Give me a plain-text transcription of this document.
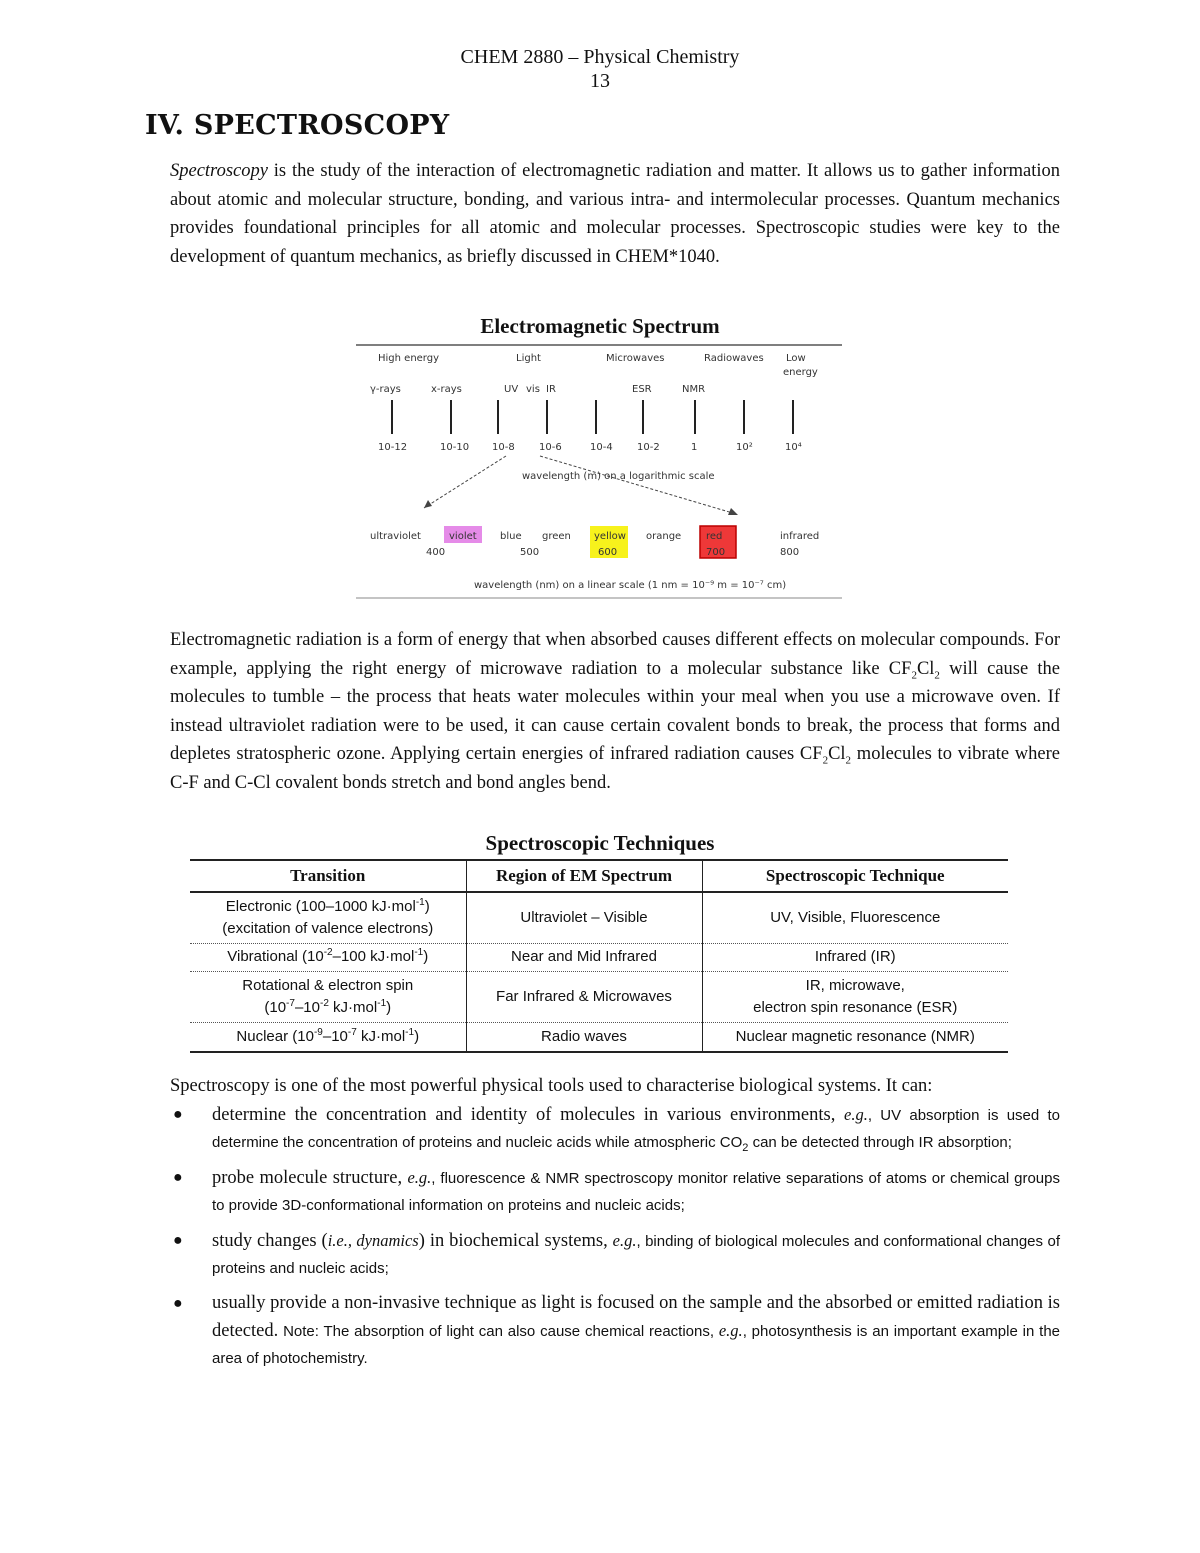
CHEM 2880 – Physical Chemistry
13
IV. SPECTROSCOPY
Spectroscopy is the study of the interaction of electromagnetic radiation and matter. It allows us to gather information about atomic and molecular structure, bonding, and various intra- and intermolecular processes. Quantum mechanics provides foundational principles for all atomic and molecular processes. Spectroscopic studies were key to the development of quantum mechanics, as briefly discussed in CHEM*1040.
Electromagnetic Spectrum
High energy	Light	Microwaves	Radiowaves Low
energy
γ-rays	x-rays	UV vis IR	ESR	NMR
10-12	10-10 10-8 10-6	10-4 10-2	1	10²	10⁴
wavelength (m) on a logarithmic scale
ultraviolet	violet blue green yellow orange red	infrared
400	500	600	700	800
wavelength (nm) on a linear scale (1 nm = 10⁻⁹ m = 10⁻⁷ cm)
Electromagnetic radiation is a form of energy that when absorbed causes different effects on molecular compounds. For example, applying the right energy of microwave radiation to a molecular substance like $CF_2Cl_2$ will cause the molecules to tumble – the process that heats water molecules within your meal when you use a microwave oven. If instead ultraviolet radiation were to be used, it can cause certain covalent bonds to break, the process that forms and depletes stratospheric ozone. Applying certain energies of infrared radiation causes $CF_2Cl_2$ molecules to vibrate where C-F and C-Cl covalent bonds stretch and bond angles bend.
Spectroscopic Techniques
Transition	Region of EM Spectrum	Spectroscopic Technique
Electronic (100–1000 kJ·mol$^{-1}$)
(excitation of valence electrons)	Ultraviolet – Visible	UV, Visible, Fluorescence
Vibrational ($10^{-2}-100$ kJ·mol$^{-1}$)	Near and Mid Infrared	Infrared (IR)
Rotational & electron spin
($10^{-7}-10^{-2}$ kJ·mol$^{-1}$)	Far Infrared & Microwaves	IR, microwave,
electron spin resonance (ESR)
Nuclear ($10^{-9}-10^{-7}$ kJ·mol$^{-1}$)	Radio waves	Nuclear magnetic resonance (NMR)
Spectroscopy is one of the most powerful physical tools used to characterise biological systems. It can:
● determine the concentration and identity of molecules in various environments, e.g., UV absorption is used to determine the concentration of proteins and nucleic acids while atmospheric $CO_2$ can be detected through IR absorption;
● probe molecule structure, e.g., fluorescence & NMR spectroscopy monitor relative separations of atoms or chemical groups to provide 3D-conformational information on proteins and nucleic acids;
● study changes (i.e., dynamics) in biochemical systems, e.g., binding of biological molecules and conformational changes of proteins and nucleic acids;
● usually provide a non-invasive technique as light is focused on the sample and the absorbed or emitted radiation is detected. Note: The absorption of light can also cause chemical reactions, e.g., photosynthesis is an important example in the area of photochemistry.
